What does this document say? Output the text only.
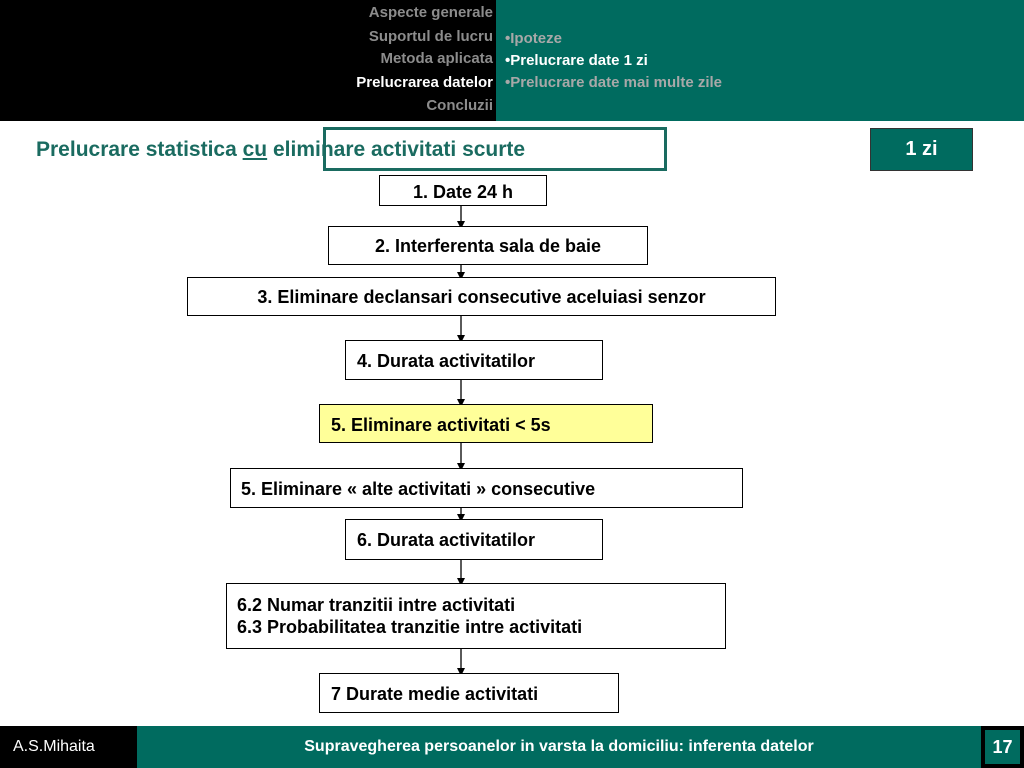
Aspecte generale
Suportul de lucru
Metoda aplicata
Prelucrarea datelor
Concluzii
•Ipoteze
•Prelucrare date 1 zi
•Prelucrare date mai multe zile
Prelucrare statistica cu eliminare activitati scurte	1 zi
1. Date 24 h
2. Interferenta sala de baie
3. Eliminare declansari consecutive aceluiasi senzor
4. Durata activitatilor
5. Eliminare activitati < 5s
5. Eliminare « alte activitati » consecutive
6. Durata activitatilor
6.2 Numar tranzitii intre activitati
6.3 Probabilitatea tranzitie intre activitati
7 Durate medie activitati
A.S.Mihaita	Supravegherea persoanelor in varsta la domiciliu: inferenta datelor	17
